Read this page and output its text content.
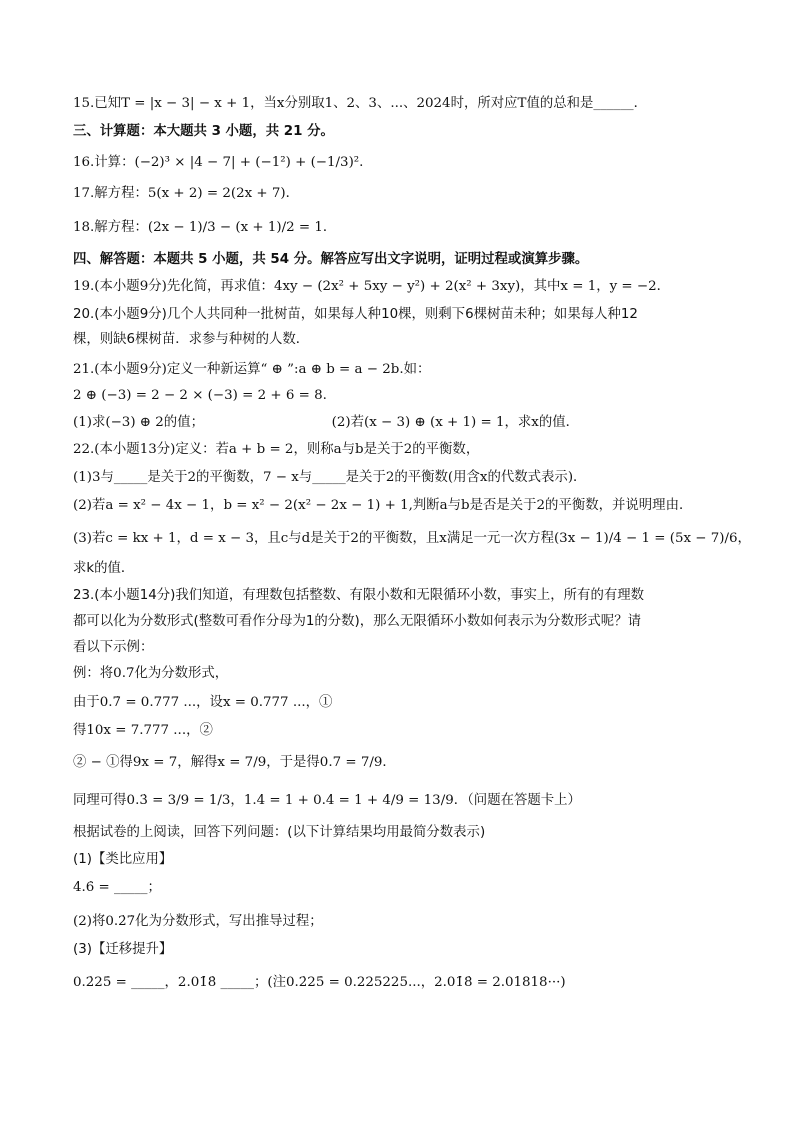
15.已知T = |x − 3| − x + 1，当x分别取1、2、3、...、2024时，所对应T值的总和是______．
三、计算题：本大题共 3 小题，共 21 分。
16.计算：(−2)³ × |4 − 7| + (−1²) + (−1/3)².
17.解方程：5(x + 2) = 2(2x + 7)．
18.解方程：(2x − 1)/3 − (x + 1)/2 = 1．
四、解答题：本题共 5 小题，共 54 分。解答应写出文字说明，证明过程或演算步骤。
19.(本小题9分)先化简，再求值：4xy − (2x² + 5xy − y²) + 2(x² + 3xy)，其中x = 1，y = −2．
20.(本小题9分)几个人共同种一批树苗，如果每人种10棵，则剩下6棵树苗未种；如果每人种12
棵，则缺6棵树苗．求参与种树的人数．
21.(本小题9分)定义一种新运算“ ⊕ ”:a ⊕ b = a − 2b.如：
2 ⊕ (−3) = 2 − 2 × (−3) = 2 + 6 = 8.
(1)求(−3) ⊕ 2的值；                              (2)若(x − 3) ⊕ (x + 1) = 1，求x的值．
22.(本小题13分)定义：若a + b = 2，则称a与b是关于2的平衡数，
(1)3与_____是关于2的平衡数，7 − x与_____是关于2的平衡数(用含x的代数式表示)．
(2)若a = x² − 4x − 1，b = x² − 2(x² − 2x − 1) + 1,判断a与b是否是关于2的平衡数，并说明理由．
(3)若c = kx + 1，d = x − 3，且c与d是关于2的平衡数，且x满足一元一次方程(3x − 1)/4 − 1 = (5x − 7)/6，
求k的值．
23.(本小题14分)我们知道，有理数包括整数、有限小数和无限循环小数，事实上，所有的有理数
都可以化为分数形式(整数可看作分母为1的分数)，那么无限循环小数如何表示为分数形式呢？请
看以下示例：
例：将0.7̇化为分数形式，
由于0.7̇ = 0.777 ...，设x = 0.777 ...，①
得10x = 7.777 ...，②
② − ①得9x = 7，解得x = 7/9，于是得0.7 = 7/9．
同理可得0.3̇ = 3/9 = 1/3，1.4̇ = 1 + 0.4̇ = 1 + 4/9 = 13/9．（问题在答题卡上）
根据试卷的上阅读，回答下列问题：(以下计算结果均用最简分数表示)
(1)【类比应用】
4.6̇ = _____；
(2)将0.2̇7̇化为分数形式，写出推导过程；
(3)【迁移提升】
0.2̇25̇ = _____，2.01̇8̇ _____；(注0.2̇25̇ = 0.225225...，2.01̇8̇ = 2.01818···)
